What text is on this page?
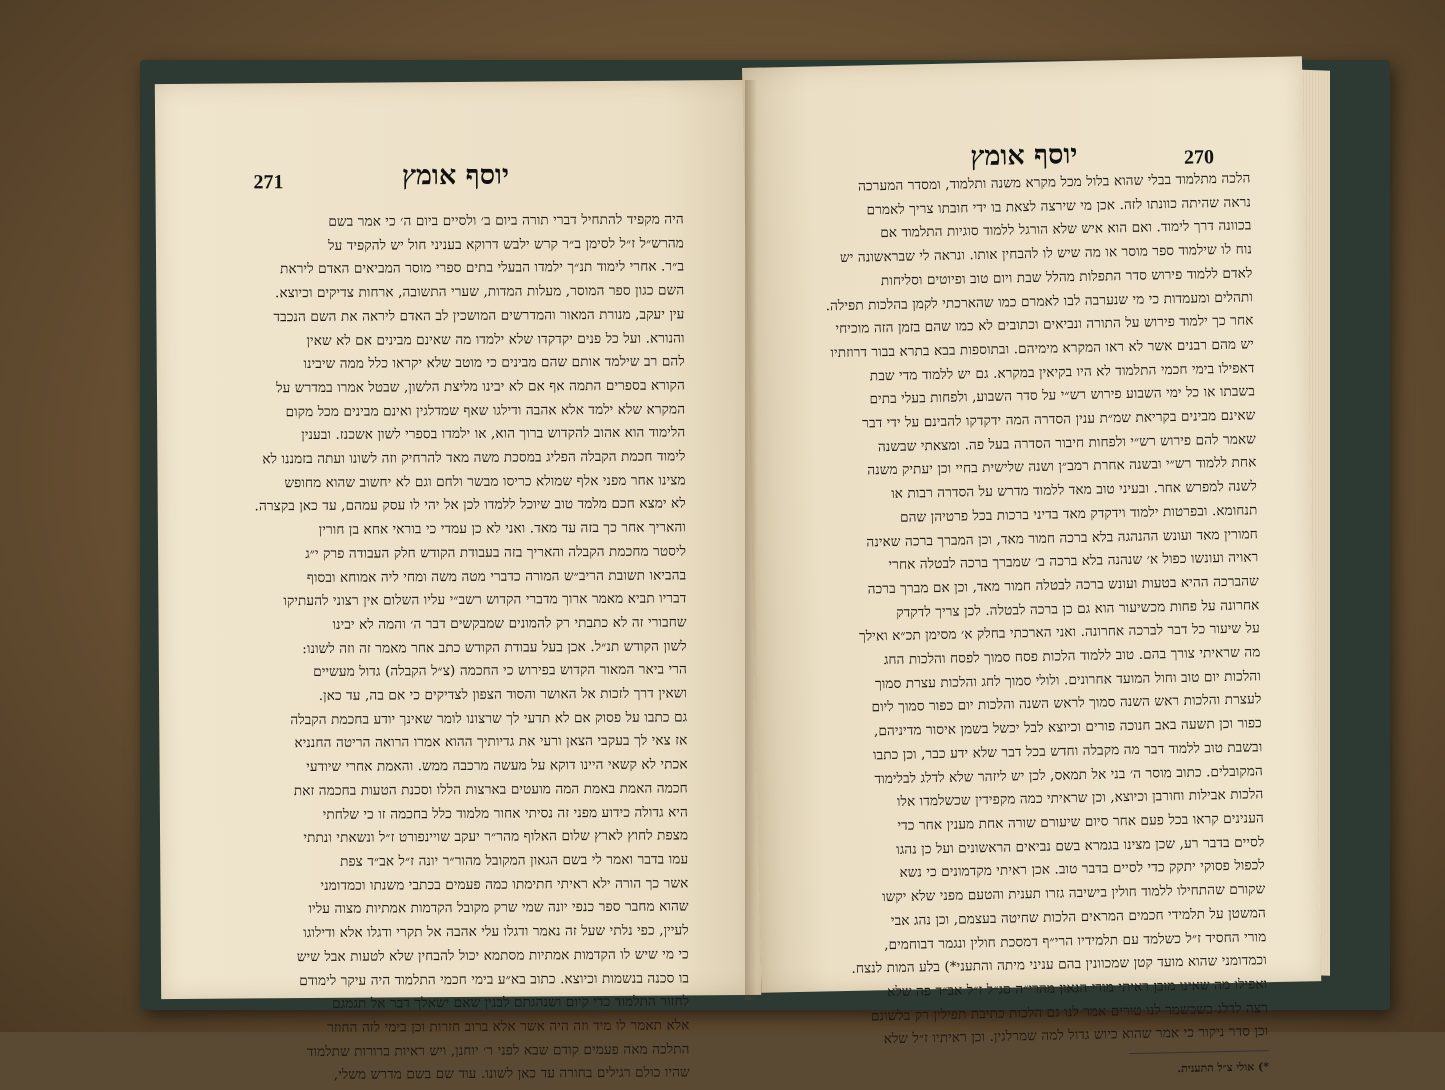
יוסף אומץ
271
היה מקפיד להתחיל דברי תורה ביום ב׳ ולסיים ביום ה׳ כי אמר בשם
מהרש״ל ז״ל לסימן ב״ר קרש ילבש דרוקא בעניני חול יש להקפיד על
ב״ר. אחרי לימוד תנ״ך ילמדו הבעלי בתים ספרי מוסר המביאים האדם ליראת
השם כגון ספר המוסר, מעלות המדות, שערי התשובה, ארחות צדיקים וכיוצא.
עין יעקב, מנורת המאור והמדרשים המושכין לב האדם ליראה את השם הנכבד
והנורא. ועל כל פנים יקדקדו שלא ילמדו מה שאינם מבינים אם לא שאין
להם רב שילמד אותם שהם מבינים כי מוטב שלא יקראו כלל ממה שיבינו
הקורא בספרים התמה אף אם לא יבינו מליצת הלשון, שבטל אמרו במדרש על
המקרא שלא ילמד אלא אהבה ודילגו שאף שמדלגין ואינם מבינים מכל מקום
הלימוד הוא אהוב להקדוש ברוך הוא, או ילמדו בספרי לשון אשכנז. ובענין
לימוד חכמת הקבלה הפליג במסכת משה מאד להרחיק וזה לשונו ועתה בזמננו לא
מצינו אחר מפני אלף שמולא כריסו מבשר ולחם וגם לא יחשוב שהוא מחופש
לא ימצא חכם מלמד טוב שיוכל ללמדו לכן אל יהי לו עסק עמהם, עד כאן בקצרה.
והאריך אחר כך בזה עד מאד. ואני לא כן עמדי כי בוראי אחא בן חורין
ליסטר מחכמת הקבלה והאריך בזה בעבודת הקודש חלק העבודה פרק י״ג
בהביאו תשובת הריב״ש המורה כדברי מטה משה ומחי ליה אמוחא ובסוף
דבריו תביא מאמר ארוך מדברי הקדוש רשב״י עליו השלום אין רצוני להעתיקו
שחבורי זה לא כתבתי רק להמונים שמבקשים דבר ה׳ והמה לא יבינו
לשון הקודש תנ״ל. אכן בעל עבודת הקודש כתב אחר מאמר זה וזה לשונו:
הרי ביאר המאור הקדוש בפירוש כי החכמה (צ״ל הקבלה) גדול מעשיים
ושאין דרך לזכות אל האושר והסוד הצפון לצדיקים כי אם בה, עד כאן.
גם כתבו על פסוק אם לא תדעי לך שרצונו לומר שאינך יודע בחכמת הקבלה
אז צאי לך בעקבי הצאן ורעי את גדיותיך ההוא אמרו הרואה הריטה החנניא
אכתי לא קשאי היינו דוקא על מעשה מרכבה ממש. והאמת אחרי שיודעי
חכמה האמת באמת המה מועטים בארצות הללו וסכנת הטעות בחכמה זאת
היא גדולה כידוע מפני זה נסיתי אחור מלמוד כלל בחכמה זו כי שלחתי
מצפת לחוץ לארץ שלום האלוף מהר״ר יעקב שויינפורט ז״ל ונשאתי ונתתי
עמו בדבר ואמר לי בשם הגאון המקובל מהור״ר יונה ז״ל אב״ד צפת
אשר כך הורה ילא ראיתי חתימתו כמה פעמים בכתבי משנתו וכמדומני
שהוא מחבר ספר כנפי יונה שמי שרק מקובל הקדמות אמתיות מצוה עליו
לעיין, כפי נלתי שעל זה נאמר ודגלו עלי אהבה אל תקרי ודגלו אלא ודילוגו
כי מי שיש לו הקדמות אמתיות מסתמא יכול להבחין שלא לטעות אבל שיש
בו סכנה בנשמות וכיוצא. כתוב בא״ע בימי חכמי התלמוד היה עיקר לימודם
לחזור התלמוד כדי קיום ושנהגתם לבנין שאם ישאלך דבר אל תגמגם
אלא תאמר לו מיד וזה היה אשר אלא ברוב חזרות וכן בימי לזה החוזר
התלכה מאה פעמים קודם שבא לפני ר׳ יוחנן, ויש ראיות ברורות שתלמוד
שהיו כולם רגילים בחורה עד כאן לשונו. עוד שם בשם מדרש משלי,
יוסף אומץ	270
הלכה מתלמוד בבלי שהוא בלול מכל מקרא משנה ותלמוד, ומסדר המערכה
נראה שהיתה כוונתו לזה. אכן מי שירצה לצאת בו ידי חובתו צריך לאמרם
בכוונה דרך לימוד. ואם הוא איש שלא הורגל ללמוד סוגיות התלמוד אם
נוח לו שילמוד ספר מוסר או מה שיש לו להבחין אותו. ונראה לי שבראשונה יש
לאדם ללמוד פירוש סדר התפלות מהלל שבת ויום טוב ופיוטים וסליחות
ותהלים ומעמדות כי מי שנערבה לבו לאמרם כמו שהארכתי לקמן בהלכות תפילה.
אחר כך ילמוד פירוש על התורה ונביאים וכתובים לא כמו שהם בזמן הזה מוכיחי
יש מהם רבנים אשר לא ראו המקרא מימיהם. ובתוספות בבא בתרא בבור דרוזתיו
דאפילו בימי חכמי התלמוד לא היו בקיאין במקרא. גם יש ללמוד מדי שבת
בשבתו או כל ימי השבוע פירוש רש״י על סדר השבוע, ולפחות בעלי בתים
שאינם מבינים בקריאת שמ״ת ענין הסדרה המה ידקדקו להבינם על ידי דבר
שאמר להם פירוש רש״י ולפחות חיבור הסדרה בעל פה. ומצאתי שבשנה
אחת ללמוד רש״י ובשנה אחרת רמב״ן ושנה שלישית בחיי וכן יעתיק משנה
לשנה למפרש אחר. ובעיני טוב מאד ללמוד מדרש על הסדרה רבות או
תנחומא. ובפרטות ילמוד וידקדק מאד בדיני ברכות בכל פרטיהן שהם
חמורין מאד ועונש ההנהגה בלא ברכה חמור מאד, וכן המברך ברכה שאינה
ראויה ועונשו כפול א׳ שנהנה בלא ברכה ב׳ שמברך ברכה לבטלה אחרי
שהברכה ההיא בטעות ועונש ברכה לבטלה חמור מאד, וכן אם מברך ברכה
אחרונה על פחות מכשיעור הוא גם כן ברכה לבטלה. לכן צריך לדקדק
על שיעור כל דבר לברכה אחרונה. ואני הארכתי בחלק א׳ מסימן תכ״א ואילך
מה שראיתי צורך בהם. טוב ללמוד הלכות פסח סמוך לפסח והלכות החג
והלכות יום טוב וחול המועד אחרונים. ולולי סמוך לחג והלכות עצרת סמוך
לעצרת והלכות ראש השנה סמוך לראש השנה והלכות יום כפור סמוך ליום
כפור וכן תשעה באב חנוכה פורים וכיוצא לבל יכשל בשמן איסור מדיניהם,
ובשבת טוב ללמוד דבר מה מקבלה וחדש בכל דבר שלא ידע כבר, וכן כתבו
המקובלים. כתוב מוסר ה׳ בני אל תמאס, לכן יש ליזהר שלא לדלג לבלימוד
הלכות אבילות וחורבן וכיוצא, וכן שראיתי כמה מקפידין שכשלמדו אלו
הענינים קראו בכל פעם אחר סיום שיעורם שורה אחת מענין אחר כדי
לסיים בדבר רע, שכן מצינו בגמרא בשם נביאים הראשונים ועל כן נהגו
לכפול פסוקי יתקק כדי לסיים בדבר טוב. אכן ראיתי מקדמונים כי נשא
שקורם שהתחילו ללמוד חולין בישיבה גזרו תענית והטעם מפני שלא יקשו
המשטן על תלמידי חכמים המראים הלכות שחיטה בעצמם, וכן נהג אבי
מורי החסיד ז״ל כשלמד עם תלמידיו הרי״ף דמסכת חולין ונגמר דבוחמים,
וכמדומני שהוא מועד קטן שמכוונין בהם עניני מיתה והתעני*) בלע המות לנצח.
ואפילו מה שאינו מובן ראיתי מורי הגאון מהרי״ה סג״ל ז״ל אב״ד פה שלא
רצה לדלג כשכשמר לנו טורים אמר לנו גם הלכות כתיבת תפילין רק בלשונם
וכן סדר ניקור כי אמר שהוא כיוש גדול למה שמרלגין. וכן ראיתיו ז״ל שלא
*) אולי צ״ל התענית.
